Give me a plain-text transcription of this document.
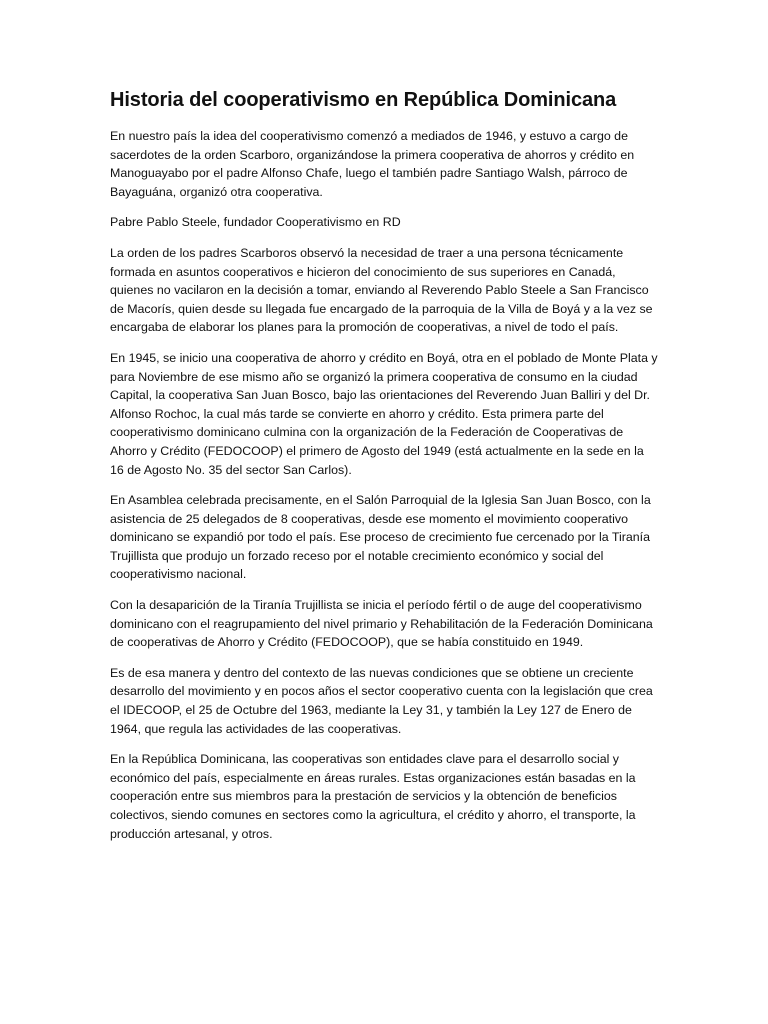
Historia del cooperativismo en República Dominicana

En nuestro país la idea del cooperativismo comenzó a mediados de 1946, y estuvo a cargo de sacerdotes de la orden Scarboro, organizándose la primera cooperativa de ahorros y crédito en Manoguayabo por el padre Alfonso Chafe, luego el también padre Santiago Walsh, párroco de Bayaguána, organizó otra cooperativa.

Pabre Pablo Steele, fundador Cooperativismo en RD

La orden de los padres Scarboros observó la necesidad de traer a una persona técnicamente formada en asuntos cooperativos e hicieron del conocimiento de sus superiores en Canadá, quienes no vacilaron en la decisión a tomar, enviando al Reverendo Pablo Steele a San Francisco de Macorís, quien desde su llegada fue encargado de la parroquia de la Villa de Boyá y a la vez se encargaba de elaborar los planes para la promoción de cooperativas, a nivel de todo el país.

En 1945, se inicio una cooperativa de ahorro y crédito en Boyá, otra en el poblado de Monte Plata y para Noviembre de ese mismo año se organizó la primera cooperativa de consumo en la ciudad Capital, la cooperativa San Juan Bosco, bajo las orientaciones del Reverendo Juan Balliri y del Dr. Alfonso Rochoc, la cual más tarde se convierte en ahorro y crédito. Esta primera parte del cooperativismo dominicano culmina con la organización de la Federación de Cooperativas de Ahorro y Crédito (FEDOCOOP) el primero de Agosto del 1949 (está actualmente en la sede en la 16 de Agosto No. 35 del sector San Carlos).

En Asamblea celebrada precisamente, en el Salón Parroquial de la Iglesia San Juan Bosco, con la asistencia de 25 delegados de 8 cooperativas, desde ese momento el movimiento cooperativo dominicano se expandió por todo el país. Ese proceso de crecimiento fue cercenado por la Tiranía Trujillista que produjo un forzado receso por el notable crecimiento económico y social del cooperativismo nacional.

Con la desaparición de la Tiranía Trujillista se inicia el período fértil o de auge del cooperativismo dominicano con el reagrupamiento del nivel primario y Rehabilitación de la Federación Dominicana de cooperativas de Ahorro y Crédito (FEDOCOOP), que se había constituido en 1949.

Es de esa manera y dentro del contexto de las nuevas condiciones que se obtiene un creciente desarrollo del movimiento y en pocos años el sector cooperativo cuenta con la legislación que crea el IDECOOP, el 25 de Octubre del 1963, mediante la Ley 31, y también la Ley 127 de Enero de 1964, que regula las actividades de las cooperativas.

En la República Dominicana, las cooperativas son entidades clave para el desarrollo social y económico del país, especialmente en áreas rurales. Estas organizaciones están basadas en la cooperación entre sus miembros para la prestación de servicios y la obtención de beneficios colectivos, siendo comunes en sectores como la agricultura, el crédito y ahorro, el transporte, la producción artesanal, y otros.
